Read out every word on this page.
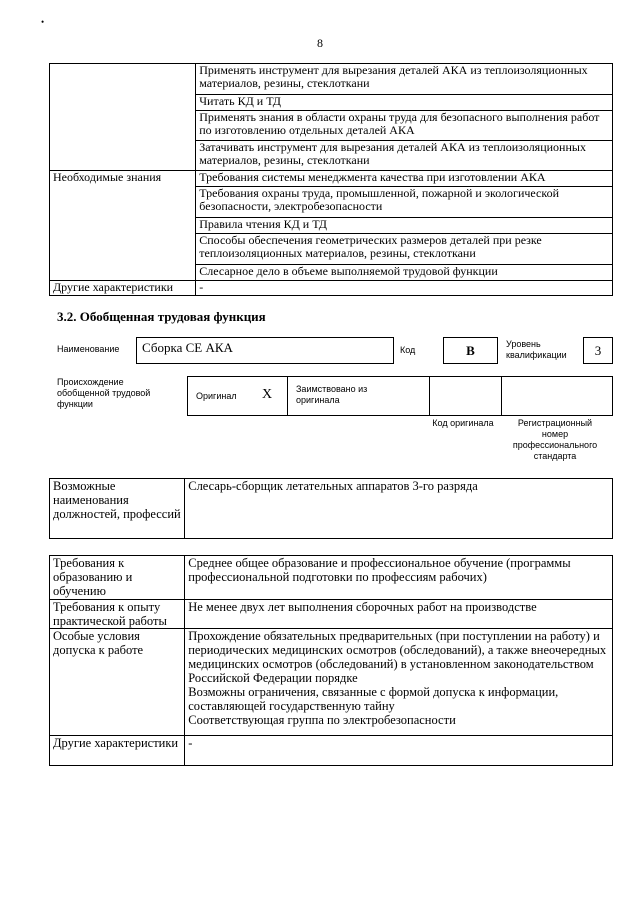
•
8
	Применять инструмент для вырезания деталей АКА из теплоизоляционных материалов, резины, стеклоткани
	Читать КД и ТД
	Применять знания в области охраны труда для безопасного выполнения работ по изготовлению отдельных деталей АКА
	Затачивать инструмент для вырезания деталей АКА из теплоизоляционных материалов, резины, стеклоткани
Необходимые знания	Требования системы менеджмента качества при изготовлении АКА
	Требования охраны труда, промышленной, пожарной и экологической безопасности, электробезопасности
	Правила чтения КД и ТД
	Способы обеспечения геометрических размеров деталей при резке теплоизоляционных материалов, резины, стеклоткани
	Слесарное дело в объеме выполняемой трудовой функции
Другие характеристики	-
3.2. Обобщенная трудовая функция
Наименование	Сборка СЕ АКА	Код	В	Уровень квалификации	3
Происхождение обобщенной трудовой функции
Оригинал Х	Заимствовано из оригинала
Код оригинала	Регистрационный номер профессионального стандарта
Возможные наименования должностей, профессий	Слесарь-сборщик летательных аппаратов 3-го разряда
Требования к образованию и обучению	Среднее общее образование и профессиональное обучение (программы профессиональной подготовки по профессиям рабочих)
Требования к опыту практической работы	Не менее двух лет выполнения сборочных работ на производстве
Особые условия допуска к работе	Прохождение обязательных предварительных (при поступлении на работу) и периодических медицинских осмотров (обследований), а также внеочередных медицинских осмотров (обследований) в установленном законодательством Российской Федерации порядке
Возможны ограничения, связанные с формой допуска к информации, составляющей государственную тайну
Соответствующая группа по электробезопасности

Другие характеристики	-
